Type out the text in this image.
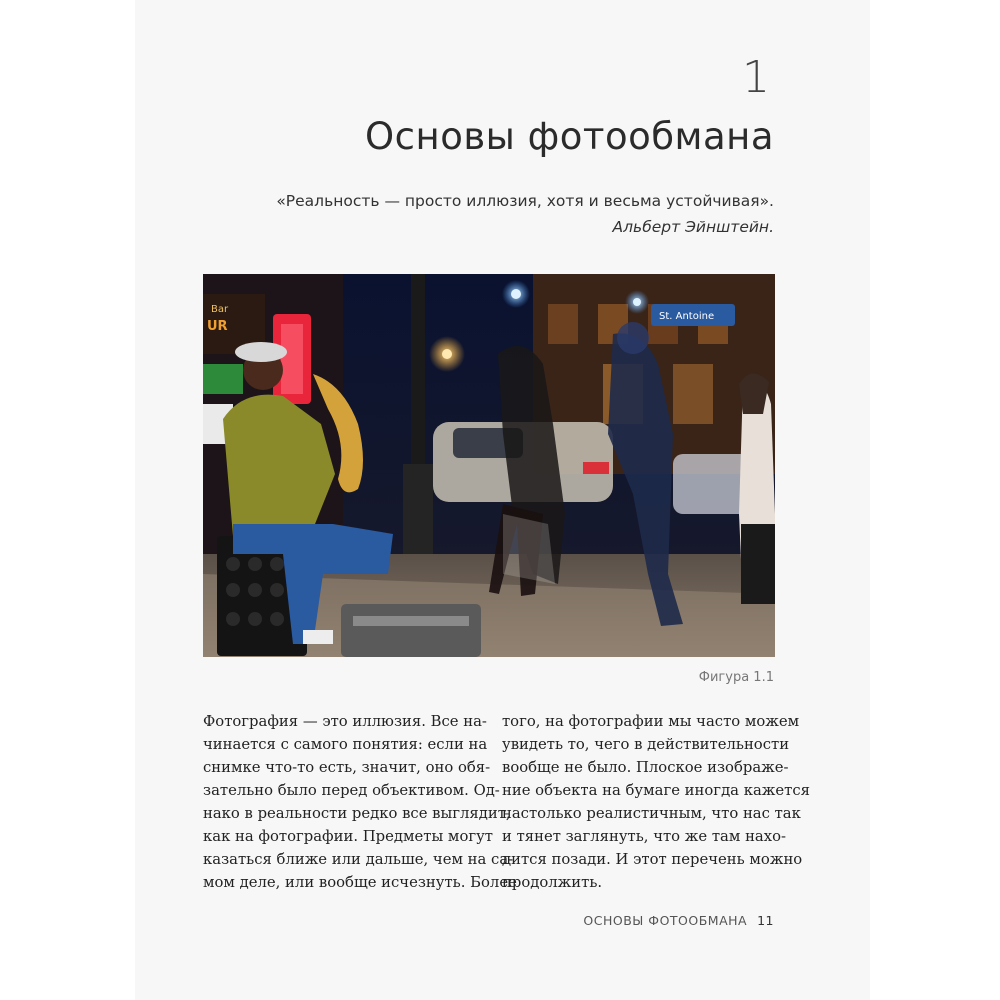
1
Основы фотообмана
«Реальность — просто иллюзия, хотя и весьма устойчивая».
Альберт Эйнштейн.
Bar
UR
St. Antoine
Фигура 1.1
Фотография — это иллюзия. Все на-
чинается с самого понятия: если на
снимке что-то есть, значит, оно обя-
зательно было перед объективом. Од-
нако в реальности редко все выглядит,
как на фотографии. Предметы могут
казаться ближе или дальше, чем на са-
мом деле, или вообще исчезнуть. Более
того, на фотографии мы часто можем
увидеть то, чего в действительности
вообще не было. Плоское изображе-
ние объекта на бумаге иногда кажется
настолько реалистичным, что нас так
и тянет заглянуть, что же там нахо-
дится позади. И этот перечень можно
продолжить.
ОСНОВЫ ФОТООБМАНА 11
